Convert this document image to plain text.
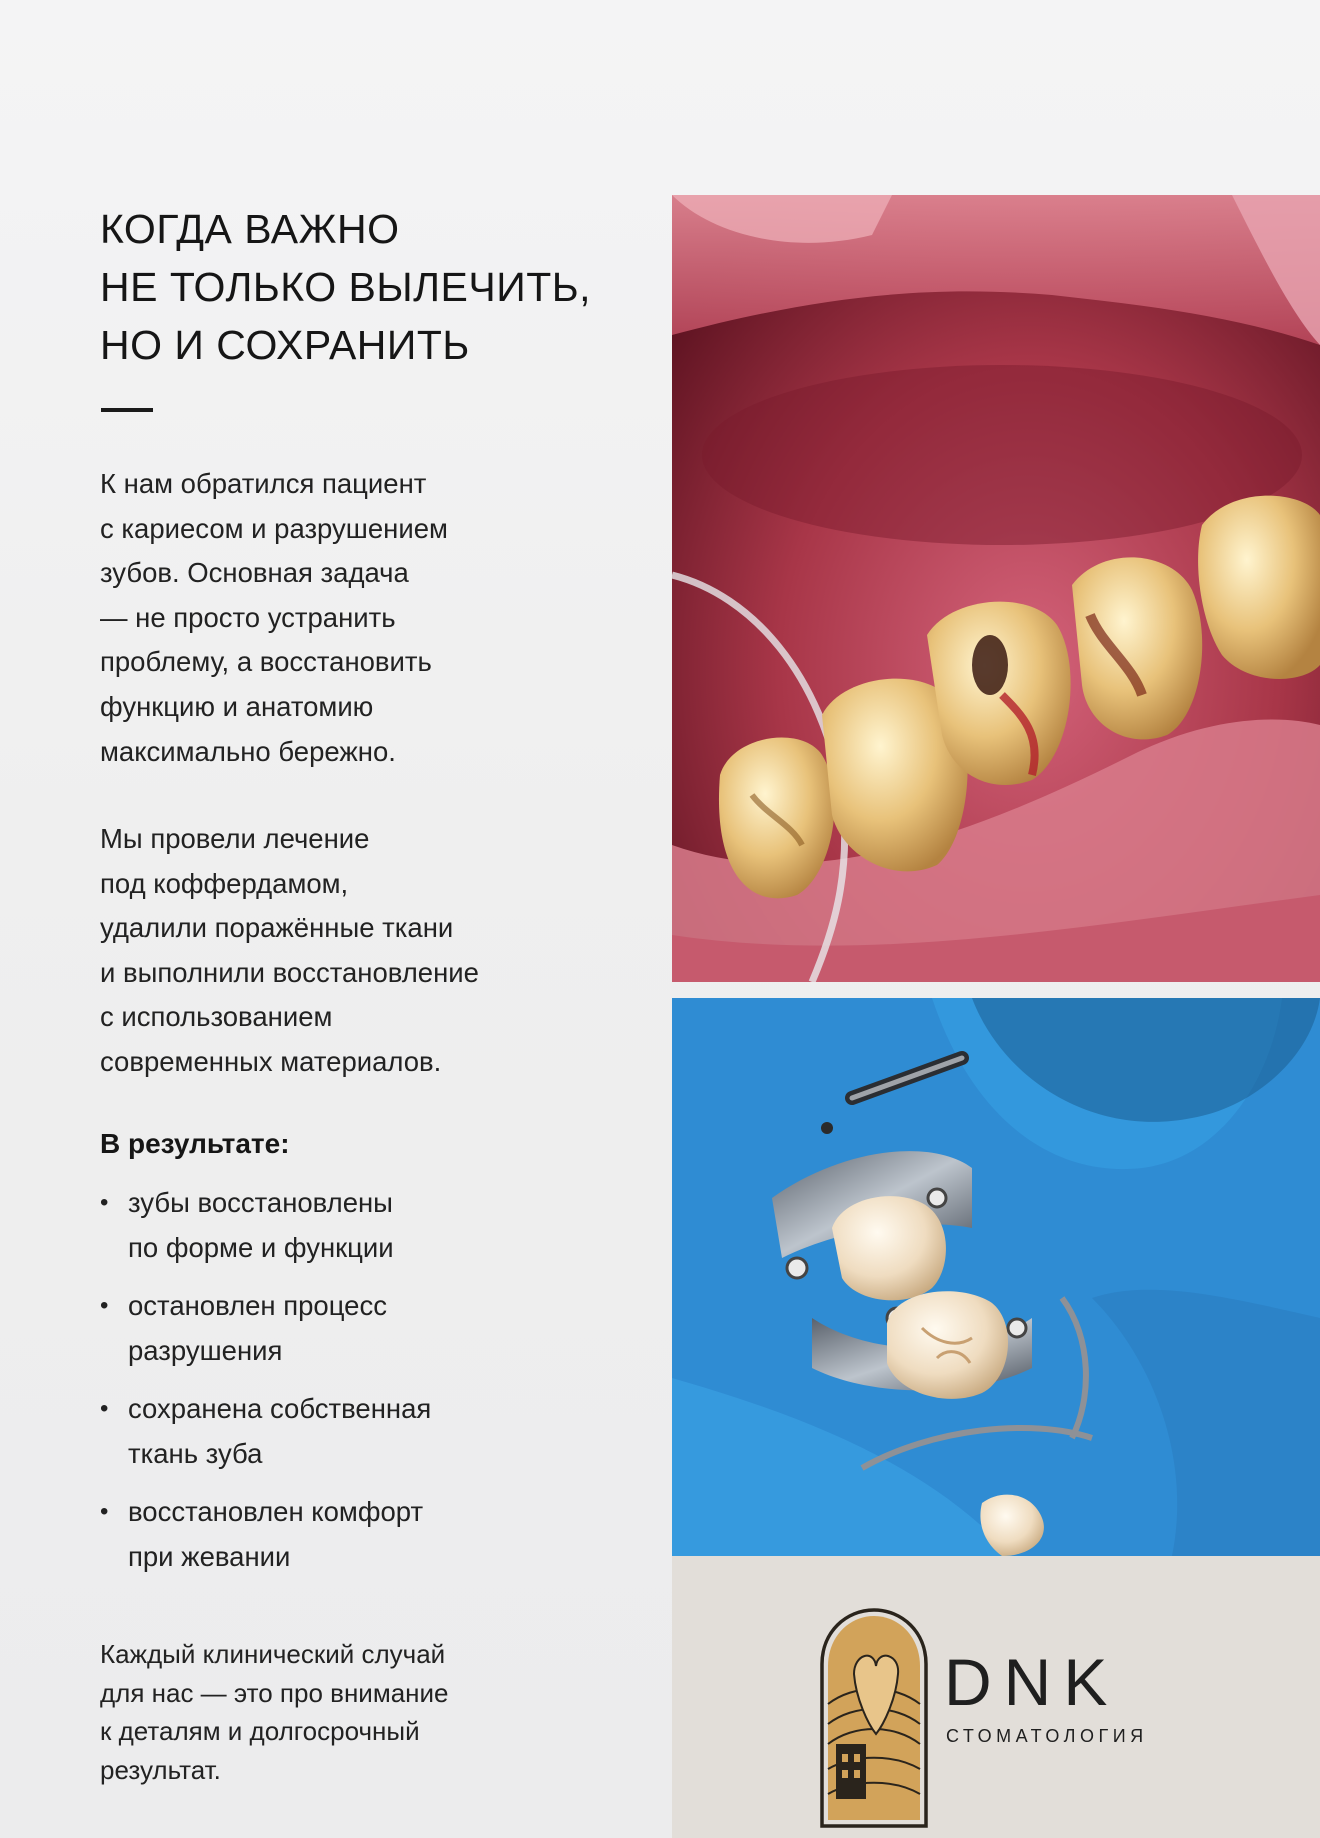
КОГДА ВАЖНО
НЕ ТОЛЬКО ВЫЛЕЧИТЬ,
НО И СОХРАНИТЬ

К нам обратился пациент
с кариесом и разрушением
зубов. Основная задача
— не просто устранить
проблему, а восстановить
функцию и анатомию
максимально бережно.

Мы провели лечение
под коффердамом,
удалили поражённые ткани
и выполнили восстановление
с использованием
современных материалов.

В результате:
• зубы восстановлены
по форме и функции
• остановлен процесс
разрушения
• сохранена собственная
ткань зуба
• восстановлен комфорт
при жевании

Каждый клинический случай
для нас — это про внимание
к деталям и долгосрочный
результат.

DNK
СТОМАТОЛОГИЯ
